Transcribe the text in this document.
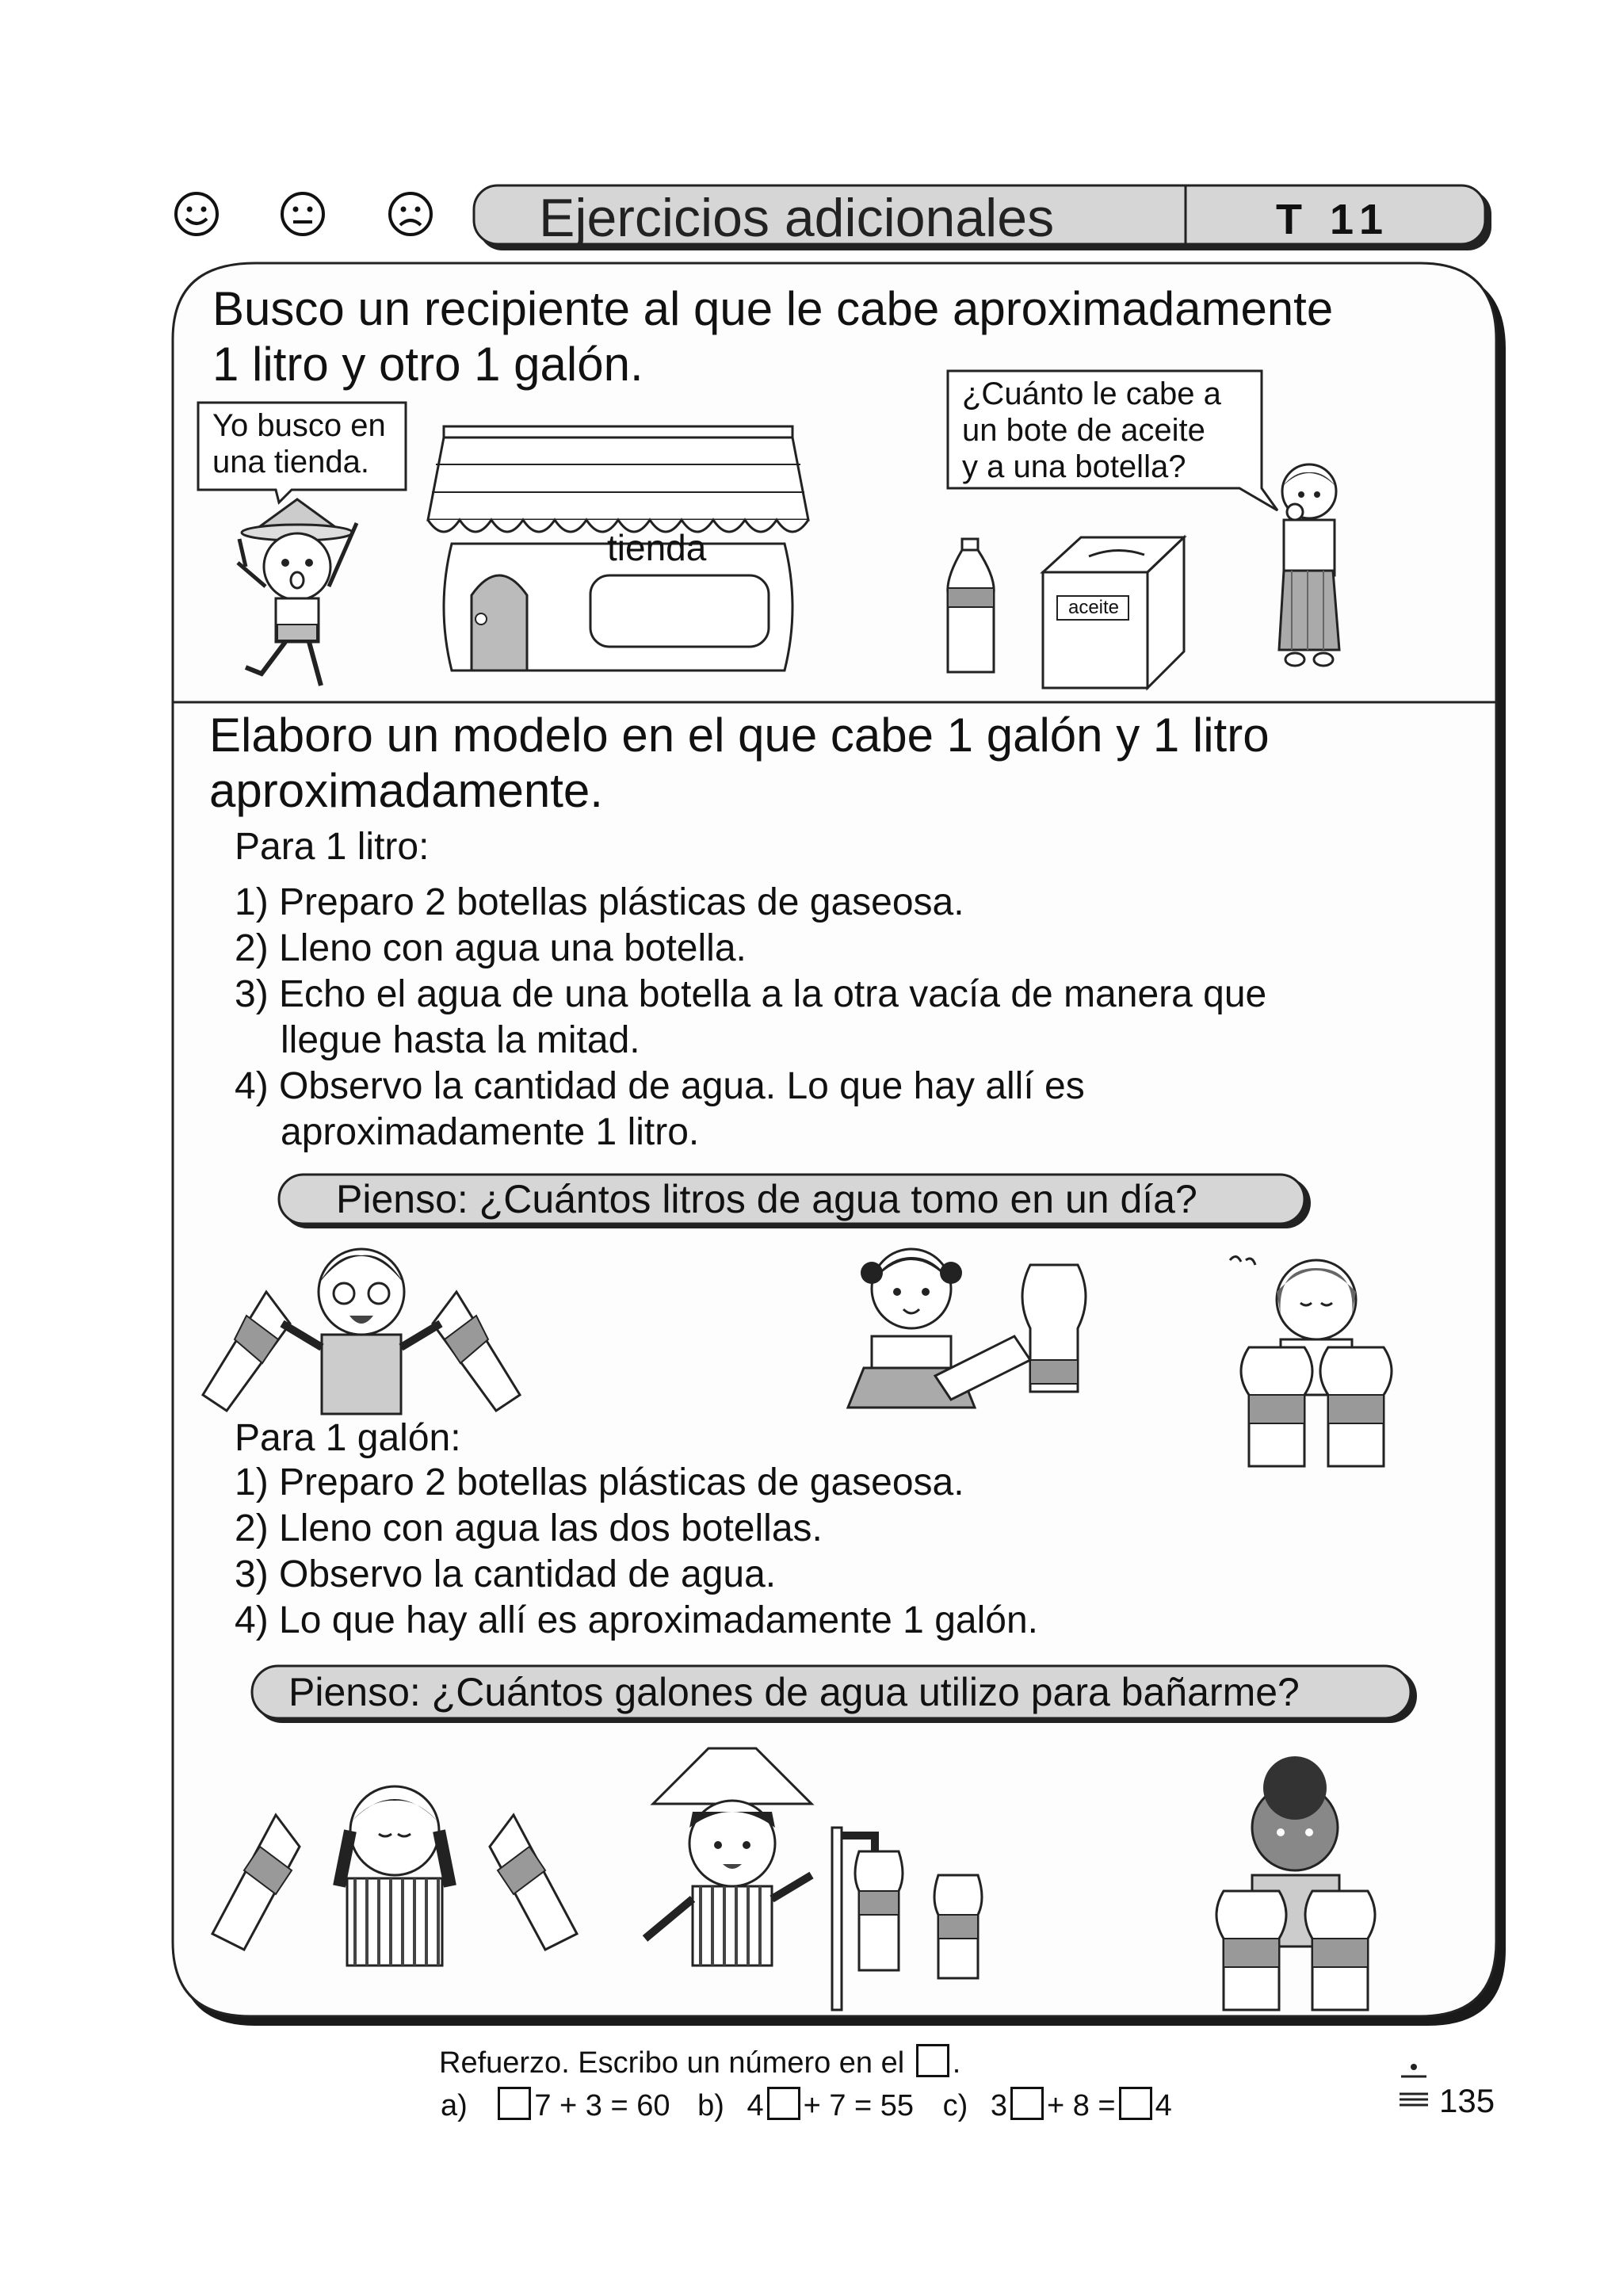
Ejercicios adicionales	T 11
Busco un recipiente al que le cabe aproximadamente
1 litro y otro 1 galón.
Yo busco en
una tienda.
tienda
¿Cuánto le cabe a
un bote de aceite
y a una botella?
aceite
Elaboro un modelo en el que cabe 1 galón y 1 litro
aproximadamente.
Para 1 litro:
1) Preparo 2 botellas plásticas de gaseosa.
2) Lleno con agua una botella.
3) Echo el agua de una botella a la otra vacía de manera que
llegue hasta la mitad.
4) Observo la cantidad de agua. Lo que hay allí es
aproximadamente 1 litro.
Pienso: ¿Cuántos litros de agua tomo en un día?
Para 1 galón:
1) Preparo 2 botellas plásticas de gaseosa.
2) Lleno con agua las dos botellas.
3) Observo la cantidad de agua.
4) Lo que hay allí es aproximadamente 1 galón.
Pienso: ¿Cuántos galones de agua utilizo para bañarme?
Refuerzo. Escribo un número en el .
a) 7 + 3 = 60 b) 4 + 7 = 55 c) 3 + 8 = 4	135
